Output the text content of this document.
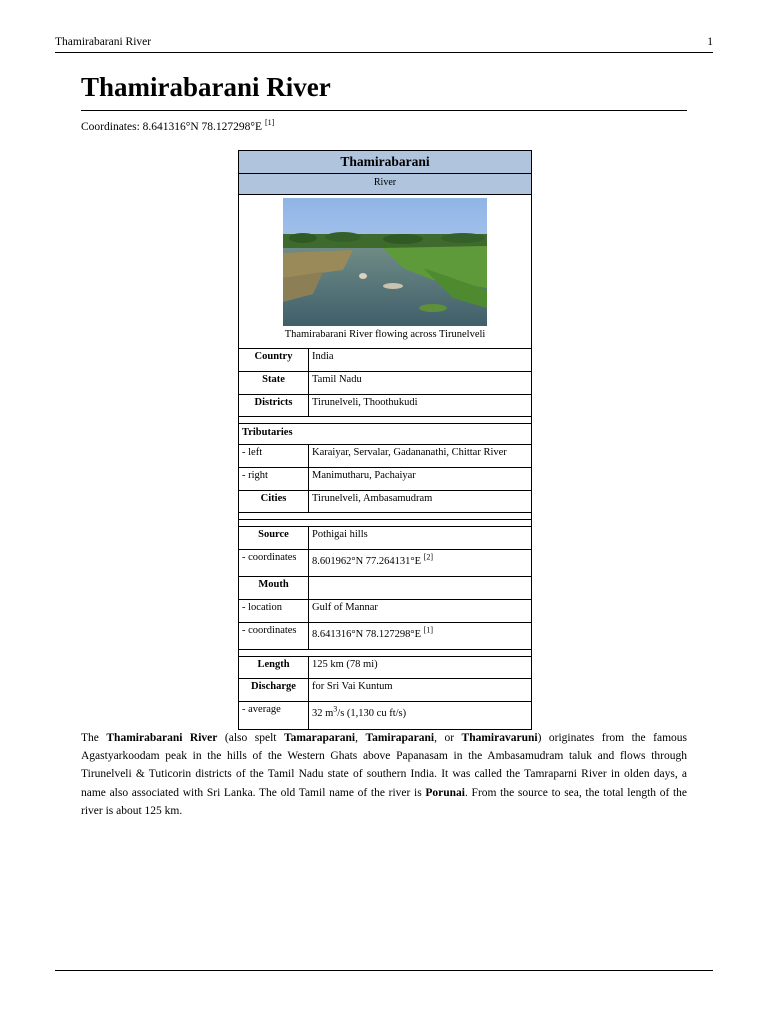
Thamirabarani River	1
Thamirabarani River
Coordinates: 8.641316°N 78.127298°E [1]
Thamirabarani
River
Thamirabarani River flowing across Tirunelveli
Country	India
State	Tamil Nadu
Districts	Tirunelveli, Thoothukudi
Tributaries
- left	Karaiyar, Servalar, Gadananathi, Chittar River
- right	Manimutharu, Pachaiyar
Cities	Tirunelveli, Ambasamudram
Source	Pothigai hills
- coordinates	8.601962°N 77.264131°E [2]
Mouth
- location	Gulf of Mannar
- coordinates	8.641316°N 78.127298°E [1]
Length	125 km (78 mi)
Discharge	for Sri Vai Kuntum
- average	32 $m^3/s$ (1,130 cu ft/s)
The Thamirabarani River (also spelt Tamaraparani, Tamiraparani, or Thamiravaruni) originates from the famous Agastyarkoodam peak in the hills of the Western Ghats above Papanasam in the Ambasamudram taluk and flows through Tirunelveli & Tuticorin districts of the Tamil Nadu state of southern India. It was called the Tamraparni River in olden days, a name also associated with Sri Lanka. The old Tamil name of the river is Porunai. From the source to sea, the total length of the river is about 125 km.
